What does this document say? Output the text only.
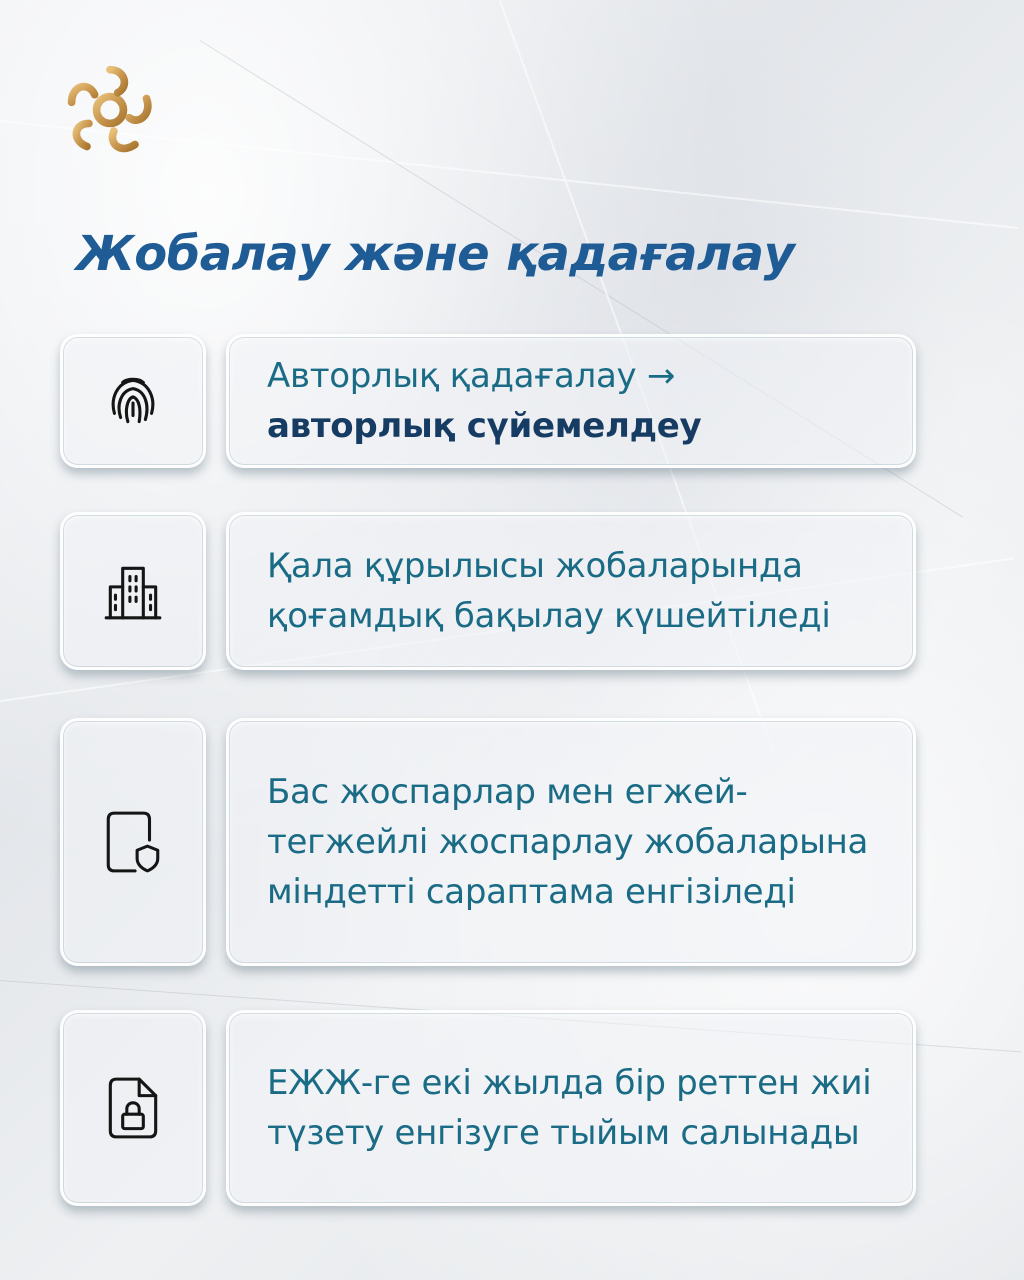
Жобалау және қадағалау
Авторлық қадағалау →
авторлық сүйемелдеу
Қала құрылысы жобаларында қоғамдық бақылау күшейтіледі
Бас жоспарлар мен егжей-тегжейлі жоспарлау жобаларына міндетті сараптама енгізіледі
ЕЖЖ-ге екі жылда бір реттен жиі түзету енгізуге тыйым салынады
